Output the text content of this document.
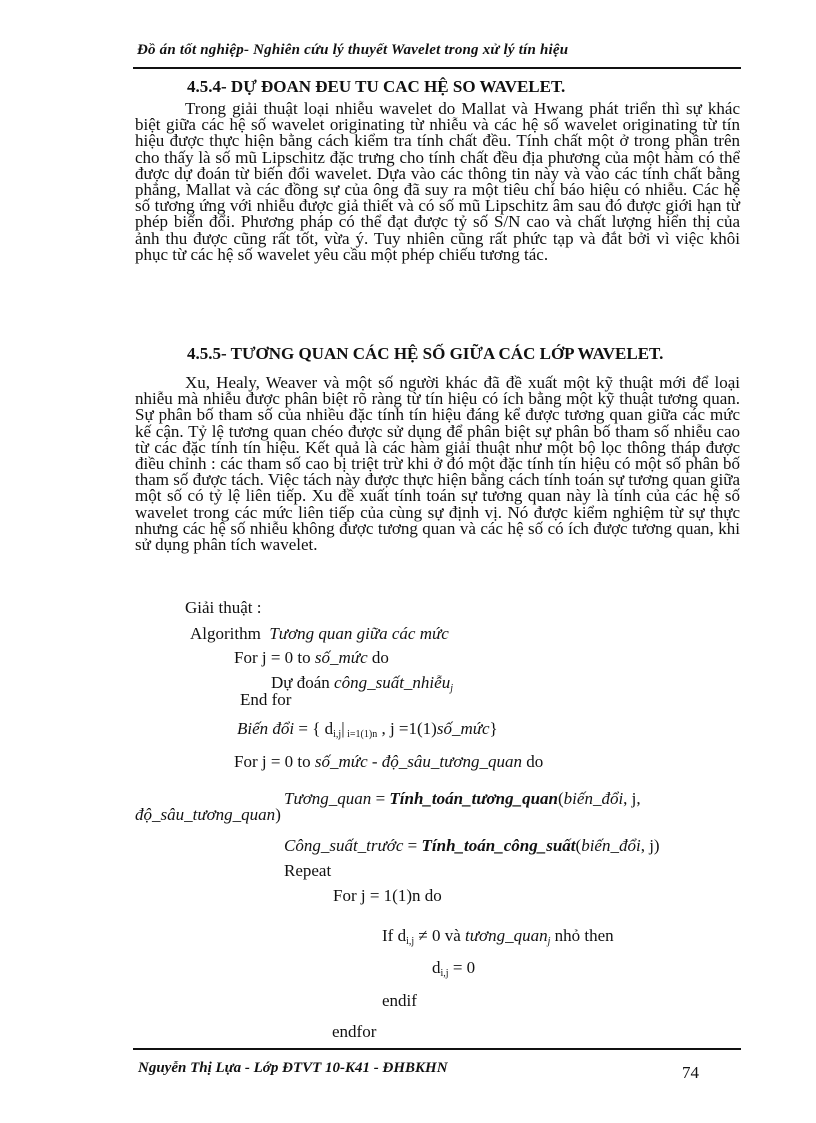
Đồ án tốt nghiệp- Nghiên cứu lý thuyết Wavelet trong xử lý tín hiệu
4.5.4- DỰ ĐOAN ĐEU TU CAC HỆ SO WAVELET.

Trong giải thuật loại nhiễu wavelet do Mallat và Hwang phát triển thì sự khác biệt giữa các hệ số wavelet originating từ nhiễu và các hệ số wavelet originating từ tín hiệu được thực hiện bằng cách kiểm tra tính chất đều. Tính chất một ở trong phần trên cho thấy là số mũ Lipschitz đặc trưng cho tính chất đều địa phương của một hàm có thể được dự đoán từ biến đổi wavelet. Dựa vào các thông tin này và vào các tính chất bằng phẳng, Mallat và các đồng sự của ông đã suy ra một tiêu chí báo hiệu có nhiễu. Các hệ số tương ứng với nhiễu được giả thiết và có số mũ Lipschitz âm sau đó được giới hạn từ phép biến đổi. Phương pháp có thể đạt được tỷ số S/N cao và chất lượng hiển thị của ảnh thu được cũng rất tốt, vừa ý. Tuy nhiên cũng rất phức tạp và đắt bởi vì việc khôi phục từ các hệ số wavelet yêu cầu một phép chiếu tương tác.

4.5.5- TƯƠNG QUAN CÁC HỆ SỐ GIỮA CÁC LỚP WAVELET.

Xu, Healy, Weaver và một số người khác đã đề xuất một kỹ thuật mới để loại nhiễu mà nhiễu được phân biệt rõ ràng từ tín hiệu có ích bằng một kỹ thuật tương quan. Sự phân bố tham số của nhiều đặc tính tín hiệu đáng kể được tương quan giữa các mức kế cận. Tỷ lệ tương quan chéo được sử dụng để phân biệt sự phân bố tham số nhiễu cao từ các đặc tính tín hiệu. Kết quả là các hàm giải thuật như một bộ lọc thông tháp được điều chỉnh : các tham số cao bị triệt trừ khi ở đó một đặc tính tín hiệu có một số phân bố tham số được tách. Việc tách này được thực hiện bằng cách tính toán sự tương quan giữa một số có tỷ lệ liên tiếp. Xu đề xuất tính toán sự tương quan này là tính của các hệ số wavelet trong các mức liên tiếp của cùng sự định vị. Nó được kiểm nghiệm từ sự thực nhưng các hệ số nhiễu không được tương quan và các hệ số có ích được tương quan, khi sử dụng phân tích wavelet.

Giải thuật :
Algorithm Tương quan giữa các mức
For j = 0 to số_mức do
Dự đoán công_suất_nhiễu$_j$
End for
Biến đổi = { $d_{i,j}|$ $_{i=1(1)n}$ , j =1(1)số_mức}
For j = 0 to số_mức - độ_sâu_tương_quan do
Tương_quan = Tính_toán_tương_quan(biến_đổi, j,
độ_sâu_tương_quan)
Công_suất_trước = Tính_toán_công_suất(biến_đổi, j)
Repeat
For j = 1(1)n do
If $d_{i,j} \ne 0$ và tương_quan$_j$ nhỏ then
$d_{i,j} = 0$
endif
endfor
Nguyễn Thị Lựa - Lớp ĐTVT 10-K41 - ĐHBKHN	74
